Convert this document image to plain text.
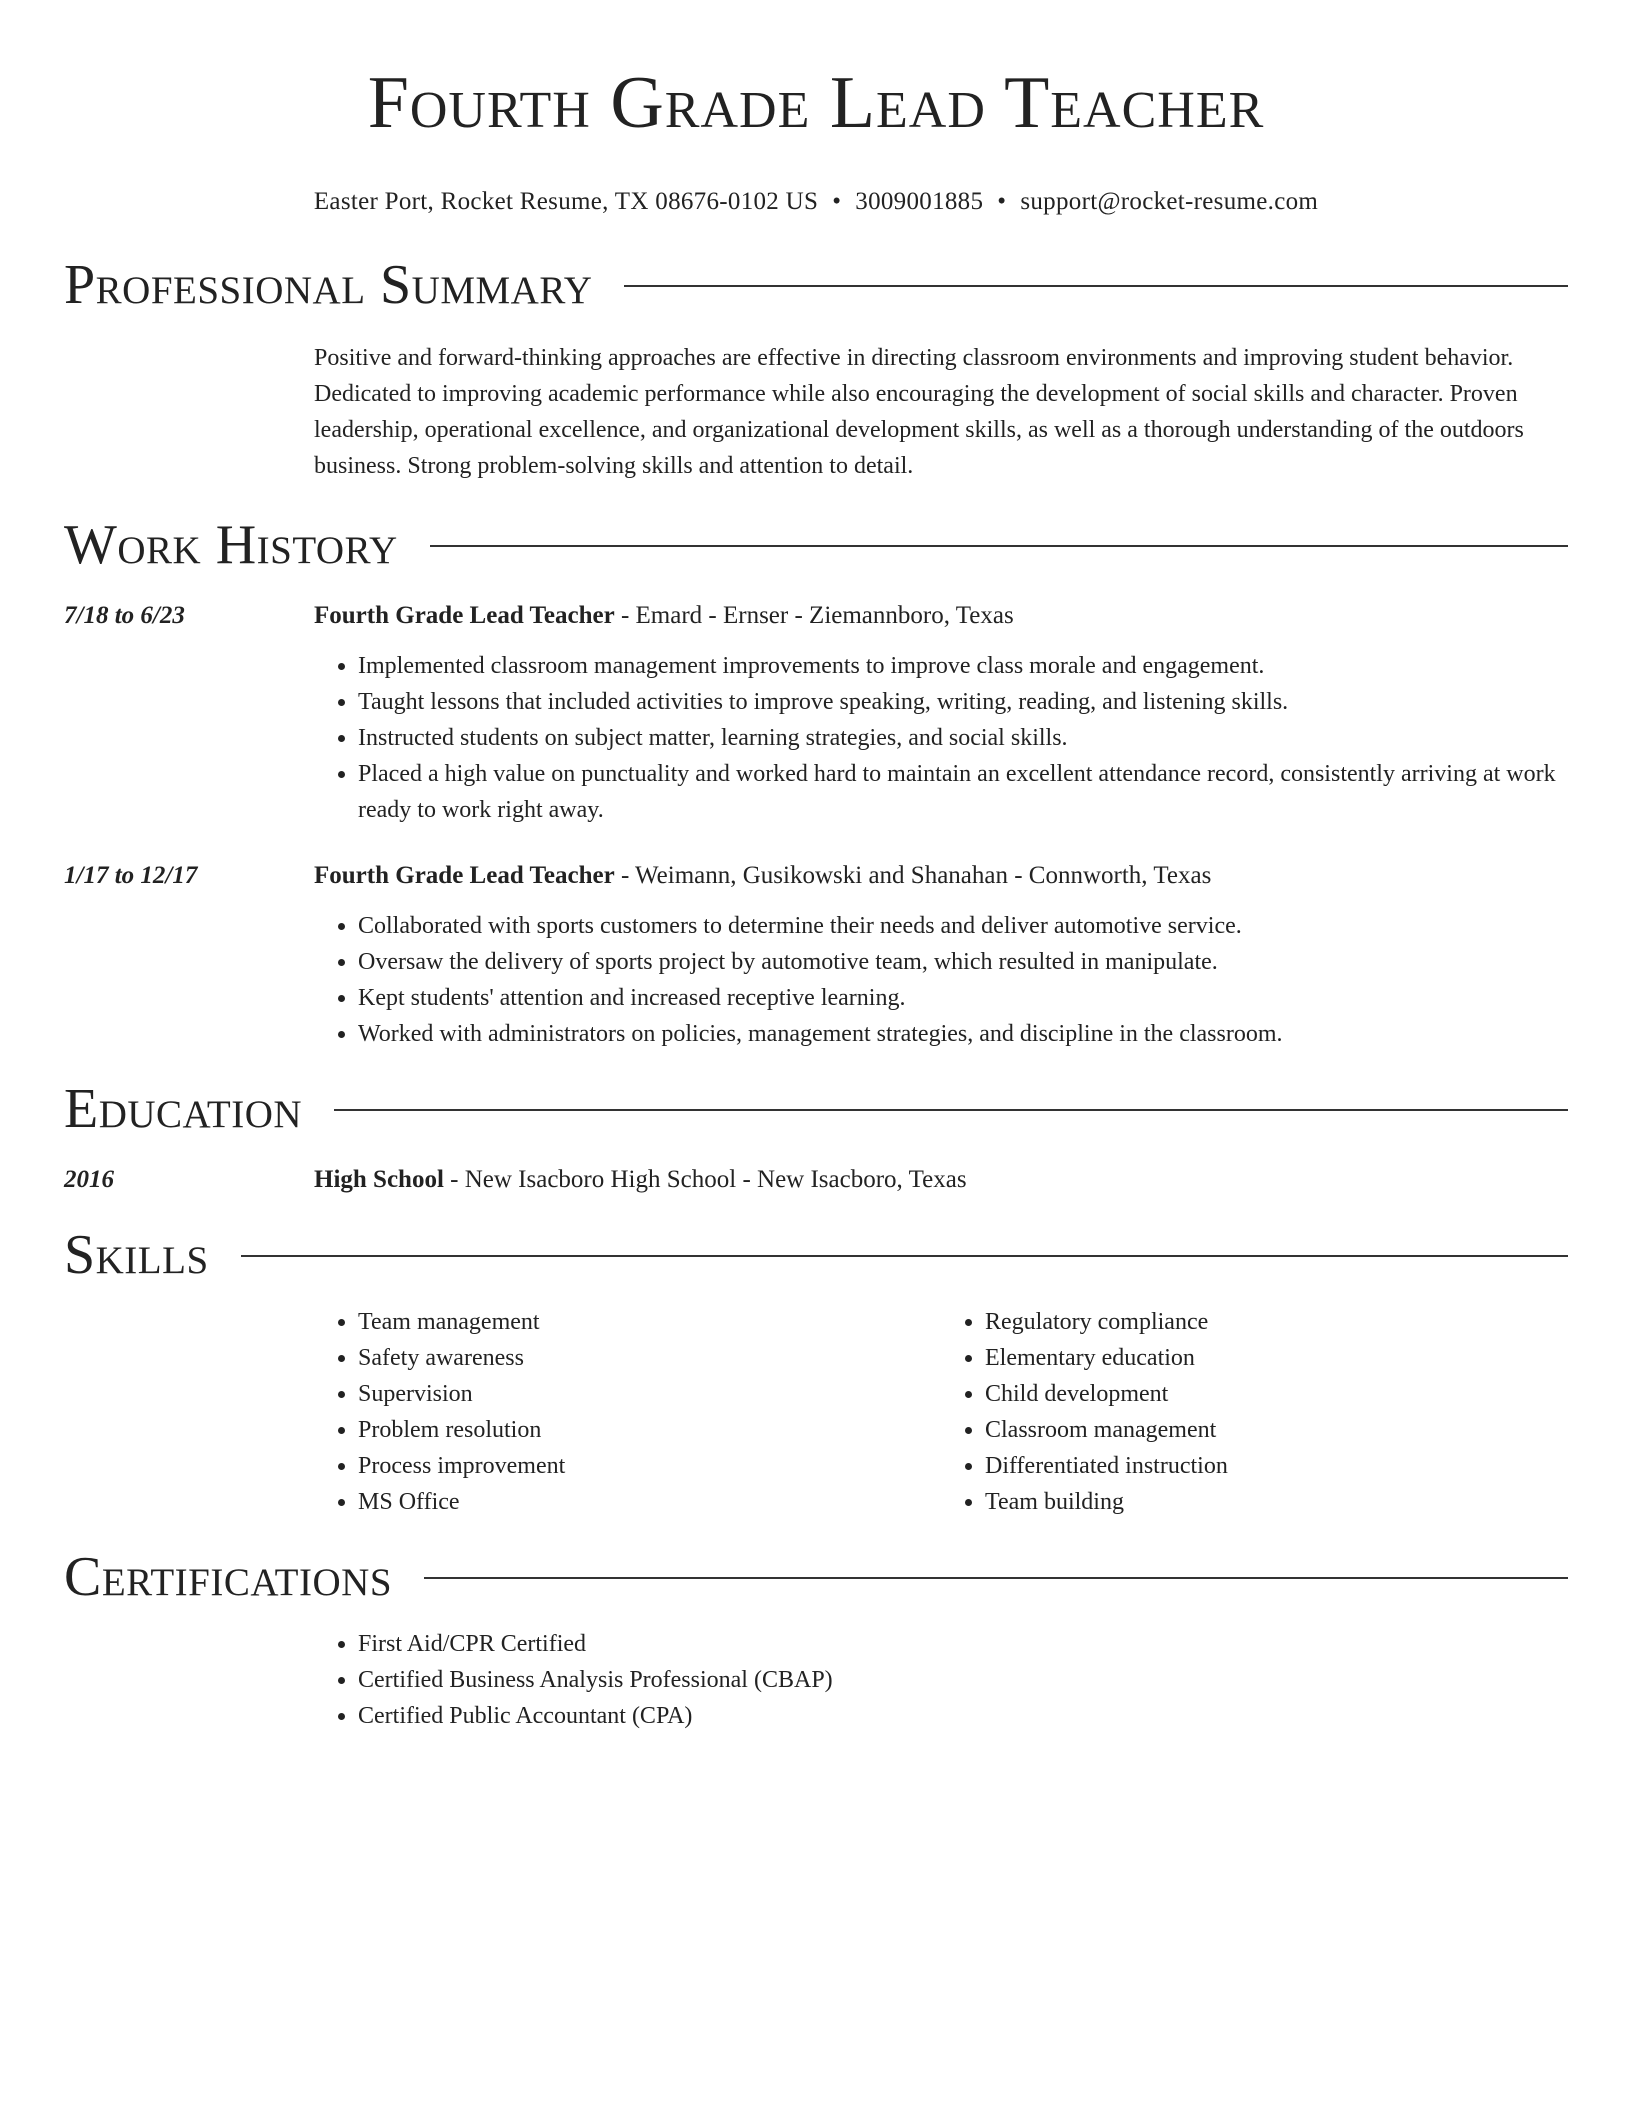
Fourth Grade Lead Teacher
Easter Port, Rocket Resume, TX 08676-0102 US • 3009001885 • support@rocket-resume.com
Professional Summary
Positive and forward-thinking approaches are effective in directing classroom environments and improving student behavior. Dedicated to improving academic performance while also encouraging the development of social skills and character. Proven leadership, operational excellence, and organizational development skills, as well as a thorough understanding of the outdoors business. Strong problem-solving skills and attention to detail.
Work History
7/18 to 6/23	Fourth Grade Lead Teacher - Emard - Ernser - Ziemannboro, Texas
• Implemented classroom management improvements to improve class morale and engagement.
• Taught lessons that included activities to improve speaking, writing, reading, and listening skills.
• Instructed students on subject matter, learning strategies, and social skills.
• Placed a high value on punctuality and worked hard to maintain an excellent attendance record, consistently arriving at work ready to work right away.
1/17 to 12/17	Fourth Grade Lead Teacher - Weimann, Gusikowski and Shanahan - Connworth, Texas
• Collaborated with sports customers to determine their needs and deliver automotive service.
• Oversaw the delivery of sports project by automotive team, which resulted in manipulate.
• Kept students' attention and increased receptive learning.
• Worked with administrators on policies, management strategies, and discipline in the classroom.
Education
2016	High School - New Isacboro High School - New Isacboro, Texas
Skills
• Team management
• Safety awareness
• Supervision
• Problem resolution
• Process improvement
• MS Office
• Regulatory compliance
• Elementary education
• Child development
• Classroom management
• Differentiated instruction
• Team building
Certifications
• First Aid/CPR Certified
• Certified Business Analysis Professional (CBAP)
• Certified Public Accountant (CPA)
